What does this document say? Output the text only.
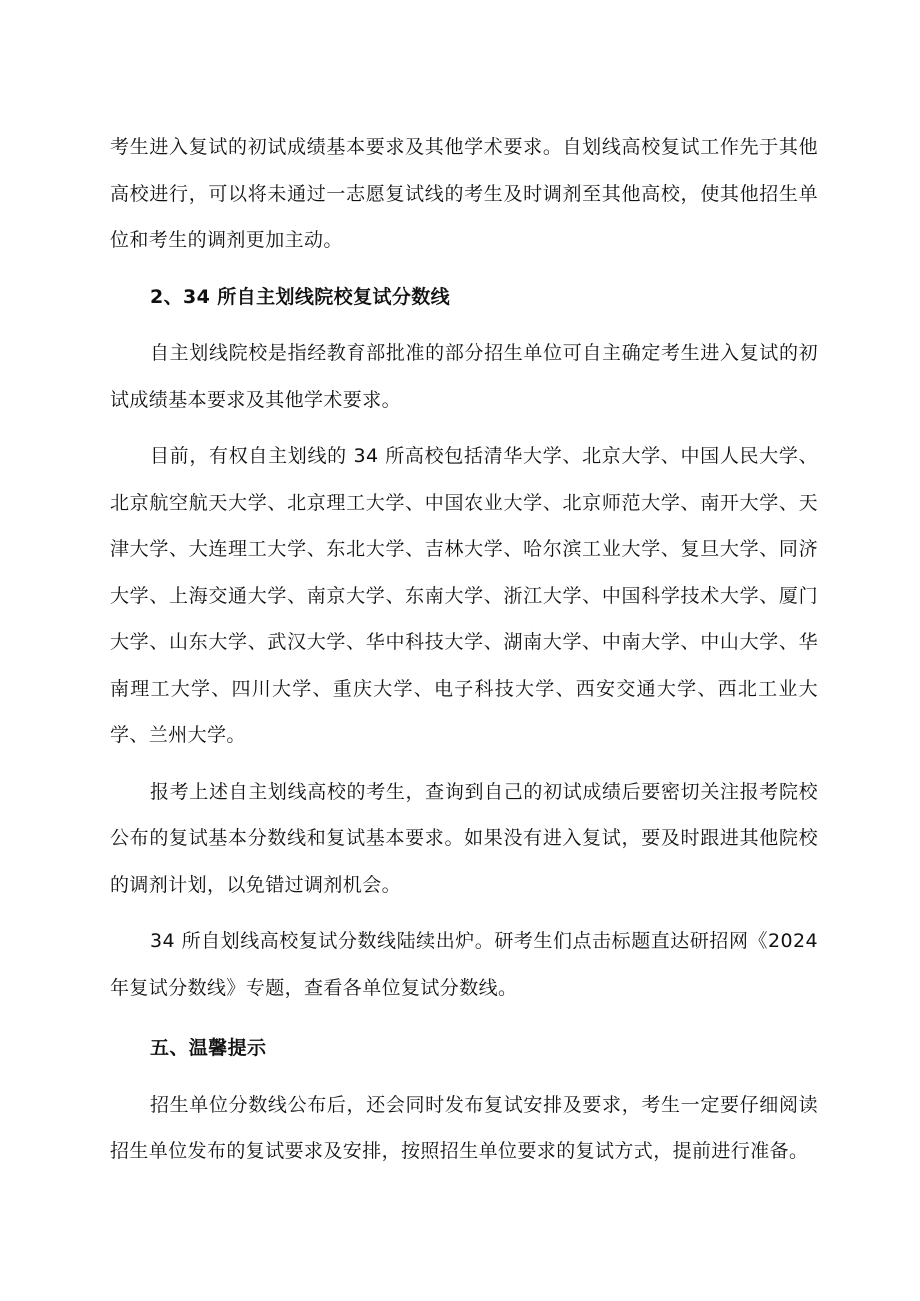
考生进入复试的初试成绩基本要求及其他学术要求。自划线高校复试工作先于其他高校进行，可以将未通过一志愿复试线的考生及时调剂至其他高校，使其他招生单位和考生的调剂更加主动。

2、34 所自主划线院校复试分数线

自主划线院校是指经教育部批准的部分招生单位可自主确定考生进入复试的初试成绩基本要求及其他学术要求。

目前，有权自主划线的 34 所高校包括清华大学、北京大学、中国人民大学、北京航空航天大学、北京理工大学、中国农业大学、北京师范大学、南开大学、天津大学、大连理工大学、东北大学、吉林大学、哈尔滨工业大学、复旦大学、同济大学、上海交通大学、南京大学、东南大学、浙江大学、中国科学技术大学、厦门大学、山东大学、武汉大学、华中科技大学、湖南大学、中南大学、中山大学、华南理工大学、四川大学、重庆大学、电子科技大学、西安交通大学、西北工业大学、兰州大学。

报考上述自主划线高校的考生，查询到自己的初试成绩后要密切关注报考院校公布的复试基本分数线和复试基本要求。如果没有进入复试，要及时跟进其他院校的调剂计划，以免错过调剂机会。

34 所自划线高校复试分数线陆续出炉。研考生们点击标题直达研招网《2024年复试分数线》专题，查看各单位复试分数线。

五、温馨提示

招生单位分数线公布后，还会同时发布复试安排及要求，考生一定要仔细阅读招生单位发布的复试要求及安排，按照招生单位要求的复试方式，提前进行准备。
